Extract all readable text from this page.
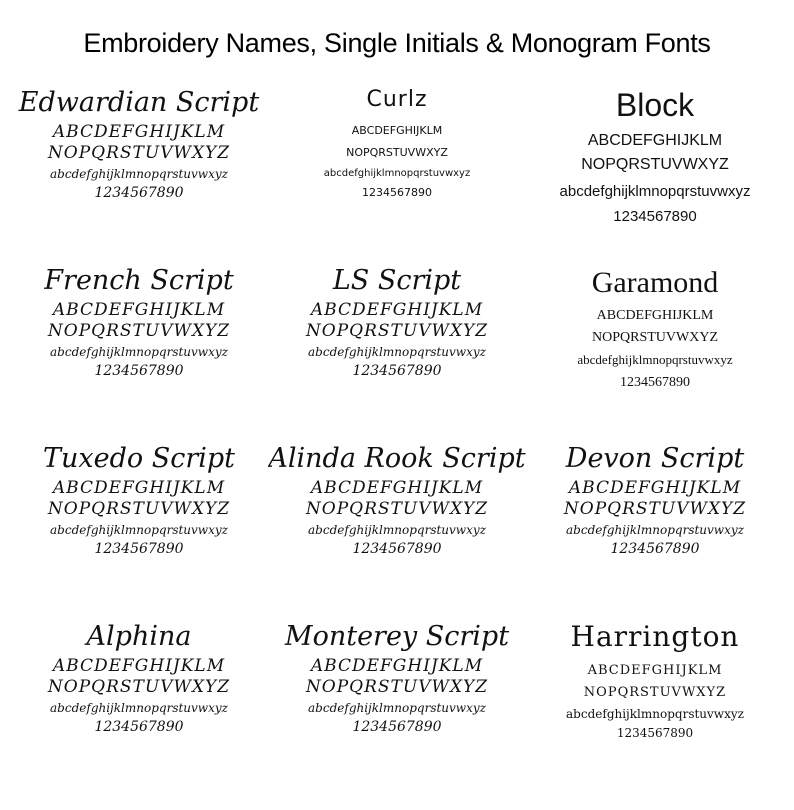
Embroidery Names, Single Initials & Monogram Fonts
Edwardian Script
ABCDEFGHIJKLM
NOPQRSTUVWXYZ
abcdefghijklmnopqrstuvwxyz
1234567890
Curlz
ABCDEFGHIJKLM
NOPQRSTUVWXYZ
abcdefghijklmnopqrstuvwxyz
1234567890
Block
ABCDEFGHIJKLM
NOPQRSTUVWXYZ
abcdefghijklmnopqrstuvwxyz
1234567890
French Script
ABCDEFGHIJKLM
NOPQRSTUVWXYZ
abcdefghijklmnopqrstuvwxyz
1234567890
LS Script
ABCDEFGHIJKLM
NOPQRSTUVWXYZ
abcdefghijklmnopqrstuvwxyz
1234567890
Garamond
ABCDEFGHIJKLM
NOPQRSTUVWXYZ
abcdefghijklmnopqrstuvwxyz
1234567890
Tuxedo Script
ABCDEFGHIJKLM
NOPQRSTUVWXYZ
abcdefghijklmnopqrstuvwxyz
1234567890
Alinda Rook Script
ABCDEFGHIJKLM
NOPQRSTUVWXYZ
abcdefghijklmnopqrstuvwxyz
1234567890
Devon Script
ABCDEFGHIJKLM
NOPQRSTUVWXYZ
abcdefghijklmnopqrstuvwxyz
1234567890
Alphina
ABCDEFGHIJKLM
NOPQRSTUVWXYZ
abcdefghijklmnopqrstuvwxyz
1234567890
Monterey Script
ABCDEFGHIJKLM
NOPQRSTUVWXYZ
abcdefghijklmnopqrstuvwxyz
1234567890
Harrington
ABCDEFGHIJKLM
NOPQRSTUVWXYZ
abcdefghijklmnopqrstuvwxyz
1234567890
